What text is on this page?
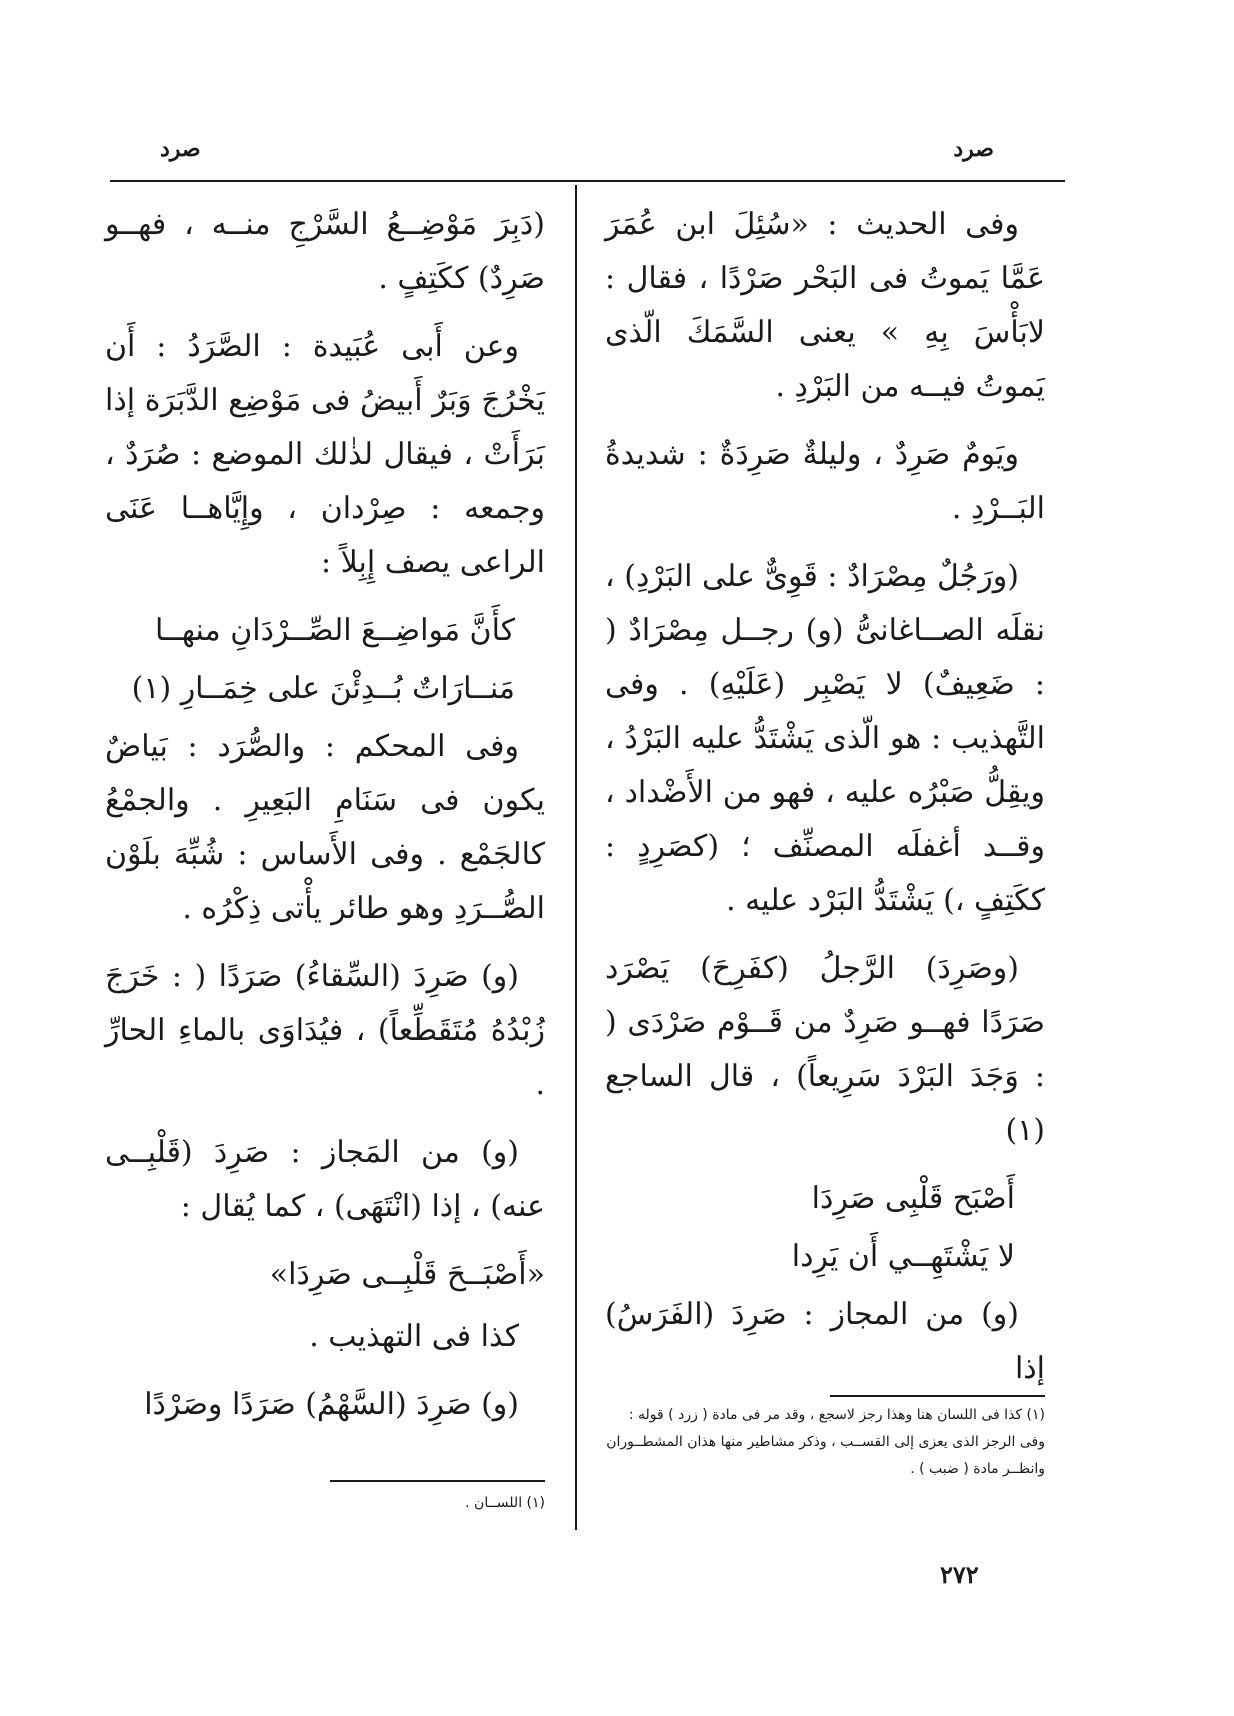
صرد
صرد

وفى الحديث : «سُئِلَ ابن عُمَرَ عَمَّا يَموتُ فى البَحْر صَرْدًا ، فقال : لابَأْسَ بِهِ » يعنى السَّمَكَ الّذى يَموتُ فيــه من البَرْدِ .

ويَومٌ صَرِدٌ ، وليلةٌ صَرِدَةٌ : شديدةُ البَــرْدِ .

(ورَجُلٌ مِصْرَادٌ : قَوِىٌّ على البَرْدِ) ، نقلَه الصــاغانىُّ (و) رجــل مِصْرَادٌ ( : ضَعِيفٌ) لا يَصْبِر (عَلَيْهِ) . وفى التَّهذيب : هو الّذى يَشْتَدُّ عليه البَرْدُ ، ويقِلُّ صَبْرُه عليه ، فهو من الأَضْداد ، وقــد أغفلَه المصنِّف ؛ (كصَرِدٍ : ككَتِفٍ ،) يَشْتَدُّ البَرْد عليه .

(وصَرِدَ) الرَّجلُ (كفَرِحَ) يَصْرَد صَرَدًا فهــو صَرِدٌ من قَــوْم صَرْدَى ( : وَجَدَ البَرْدَ سَرِيعاً) ، قال الساجع (١)

أَصْبَح قَلْبِى صَرِدَا

لا يَشْتَهِــي أَن يَرِدا

(و) من المجاز : صَرِدَ (الفَرَسُ) إذا

(١) كذا فى اللسان هنا وهذا رجز لاسجع ، وقد مر فى مادة ( زرد ) قوله : وفى الرجز الذى يعزى إلى القســب ، وذكر مشاطير منها هذان المشطــوران وانظــر مادة ( ضبب ) .

(دَبِرَ مَوْضِــعُ السَّرْجِ منــه ، فهــو صَرِدٌ) ككَتِفٍ .

وعن أَبى عُبَيدة : الصَّرَدُ : أَن يَخْرُجَ وَبَرٌ أَبيضُ فى مَوْضِع الدَّبَرَة إذا بَرَأَتْ ، فيقال لذٰلك الموضع : صُرَدٌ ، وجمعه : صِرْدان ، وإِيَّاهــا عَنَى الراعى يصف إِبِلاً :

كأَنَّ مَواضِــعَ الصِّــرْدَانِ منهــا

مَنــارَاتٌ بُــدِئْنَ على خِمَــارِ (١)

وفى المحكم : والصُّرَد : بَياضٌ يكون فى سَنَامِ البَعِيرِ . والجمْعُ كالجَمْع . وفى الأَساس : شُبِّهَ بلَوْن الصُّــرَدِ وهو طائر يأْتى ذِكْرُه .

(و) صَرِدَ (السِّقاءُ) صَرَدًا ( : خَرَجَ زُبْدُهُ مُتَقَطِّعاً) ، فيُدَاوَى بالماءِ الحارِّ .

(و) من المَجاز : صَرِدَ (قَلْبِــى عنه) ، إذا (انْتَهَى) ، كما يُقال :

«أَصْبَــحَ قَلْبِــى صَرِدَا»

كذا فى التهذيب .

(و) صَرِدَ (السَّهْمُ) صَرَدًا وصَرْدًا

(١) اللســان .
٢٧٢
